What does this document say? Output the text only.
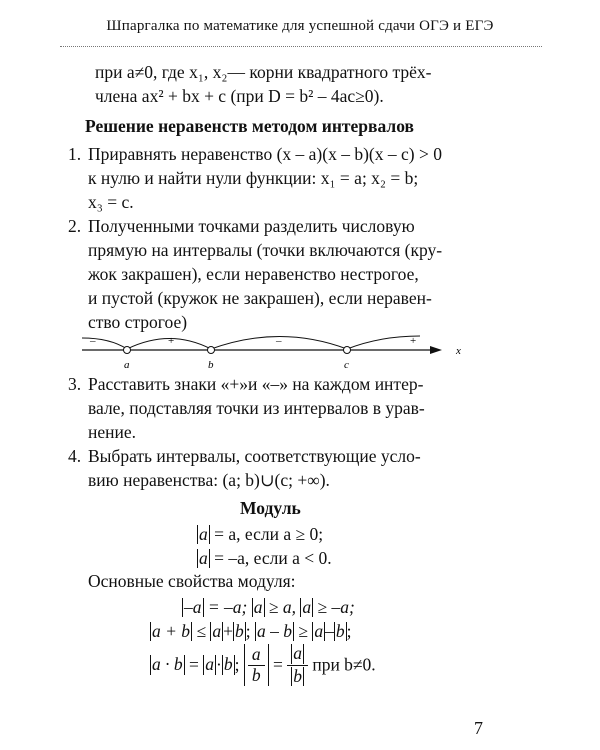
Шпаргалка по математике для успешной сдачи ОГЭ и ЕГЭ
при a≠0, где x₁, x₂— корни квадратного трёх-
члена ax² + bx + c (при D = b² – 4ac≥0).
Решение неравенств методом интервалов
1. Приравнять неравенство (x – a)(x – b)(x – c) > 0
к нулю и найти нули функции: x₁ = a; x₂ = b;
x₃ = c.
2. Полученными точками разделить числовую
прямую на интервалы (точки включаются (кру-
жок закрашен), если неравенство нестрогое,
и пустой (кружок не закрашен), если неравен-
ство строгое)
–	+	–	+
a	b	c
x
3. Расставить знаки «+»и «–» на каждом интер-
вале, подставляя точки из интервалов в урав-
нение.
4. Выбрать интервалы, соответствующие усло-
вию неравенства: (a; b)∪(c; +∞).
Модуль
a = a, если a ≥ 0;
a = –a, если a < 0.
Основные свойства модуля:
–a = –a; a ≥ a, a ≥ –a;
a + b ≤ a + b ; a – b ≥ a – b ;
a · b = a · b ; $\frac{a}{b} = \frac{a}{b}$ при b≠0.
7
